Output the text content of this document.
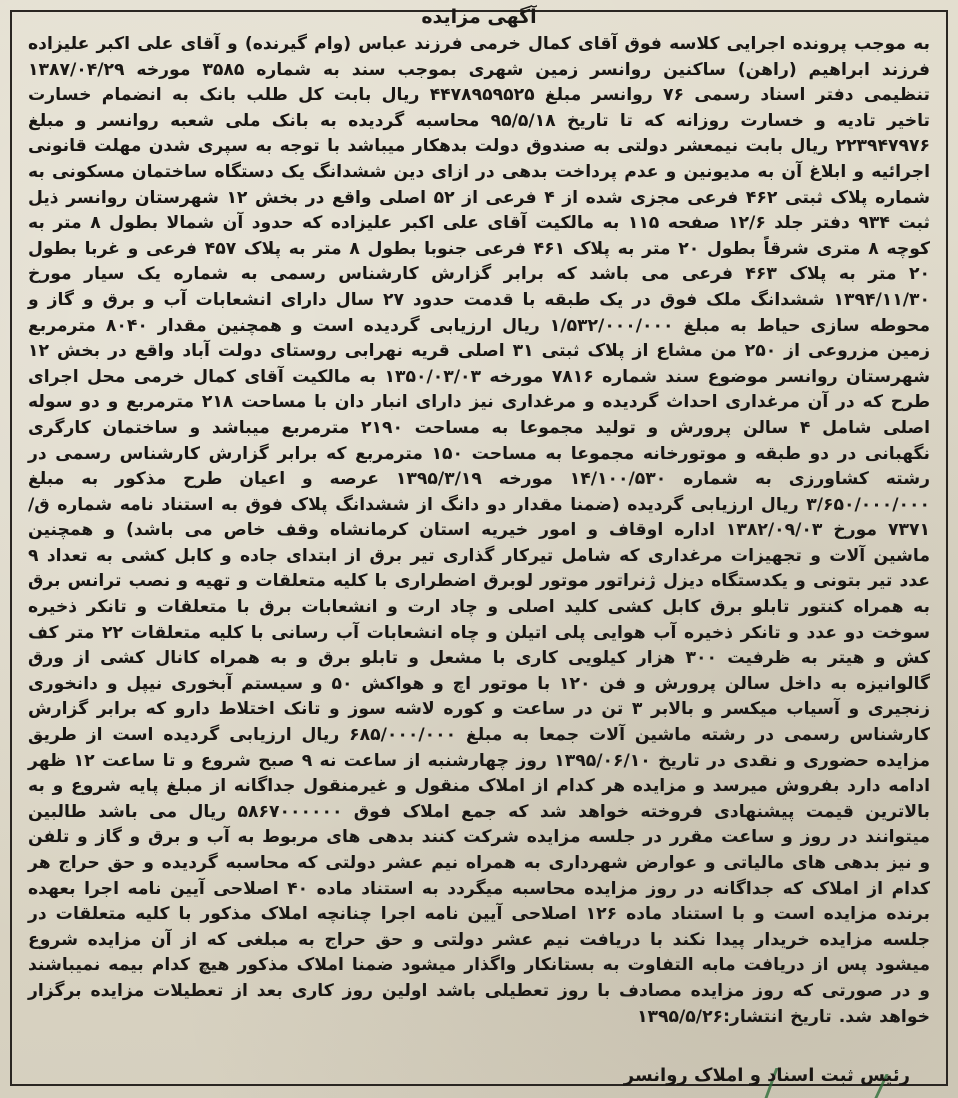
آگهی مزایده

به موجب پرونده اجرایی کلاسه فوق آقای کمال خرمی فرزند عباس (وام گیرنده) و آقای علی اکبر علیزاده فرزند ابراهیم (راهن) ساکنین روانسر زمین شهری بموجب سند به شماره ۳۵۸۵ مورخه ۱۳۸۷/۰۴/۲۹ تنظیمی دفتر اسناد رسمی ۷۶ روانسر مبلغ ۴۴۷۸۹۵۹۵۲۵ ریال بابت کل طلب بانک به انضمام خسارت تاخیر تادیه و خسارت روزانه که تا تاریخ ۹۵/۵/۱۸ محاسبه گردیده به بانک ملی شعبه روانسر و مبلغ ۲۲۳۹۴۷۹۷۶ ریال بابت نیمعشر دولتی به صندوق دولت بدهکار میباشد با توجه به سپری شدن مهلت قانونی اجرائیه و ابلاغ آن به مدیونین و عدم پرداخت بدهی در ازای دین ششدانگ یک دستگاه ساختمان مسکونی به شماره پلاک ثبتی ۴۶۲ فرعی مجزی شده از ۴ فرعی از ۵۲ اصلی واقع در بخش ۱۲ شهرستان روانسر ذیل ثبت ۹۳۴ دفتر جلد ۱۲/۶ صفحه ۱۱۵ به مالکیت آقای علی اکبر علیزاده که حدود آن شمالا بطول ۸ متر به کوچه ۸ متری شرقاً بطول ۲۰ متر به پلاک ۴۶۱ فرعی جنوبا بطول ۸ متر به پلاک ۴۵۷ فرعی و غربا بطول ۲۰ متر به پلاک ۴۶۳ فرعی می باشد که برابر گزارش کارشناس رسمی به شماره یک سیار مورخ ۱۳۹۴/۱۱/۳۰ ششدانگ ملک فوق در یک طبقه با قدمت حدود ۲۷ سال دارای انشعابات آب و برق و گاز و محوطه سازی حیاط به مبلغ ۱/۵۳۲/۰۰۰/۰۰۰ ریال ارزیابی گردیده است و همچنین مقدار ۸۰۴۰ مترمربع زمین مزروعی از ۲۵۰ من مشاع از پلاک ثبتی ۳۱ اصلی قریه نهرابی روستای دولت آباد واقع در بخش ۱۲ شهرستان روانسر موضوع سند شماره ۷۸۱۶ مورخه ۱۳۵۰/۰۳/۰۳ به مالکیت آقای کمال خرمی محل اجرای طرح که در آن مرغداری احداث گردیده و مرغداری نیز دارای انبار دان با مساحت ۲۱۸ مترمربع و دو سوله اصلی شامل ۴ سالن پرورش و تولید مجموعا به مساحت ۲۱۹۰ مترمربع میباشد و ساختمان کارگری نگهبانی در دو طبقه و موتورخانه مجموعا به مساحت ۱۵۰ مترمربع که برابر گزارش کارشناس رسمی در رشته کشاورزی به شماره ۱۴/۱۰۰/۵۳۰ مورخه ۱۳۹۵/۳/۱۹ عرصه و اعیان طرح مذکور به مبلغ ۳/۶۵۰/۰۰۰/۰۰۰ ریال ارزیابی گردیده (ضمنا مقدار دو دانگ از ششدانگ پلاک فوق به استناد نامه شماره ق/۷۳۷۱ مورخ ۱۳۸۲/۰۹/۰۳ اداره اوقاف و امور خیریه استان کرمانشاه وقف خاص می باشد) و همچنین ماشین آلات و تجهیزات مرغداری که شامل تیرکار گذاری تیر برق از ابتدای جاده و کابل کشی به تعداد ۹ عدد تیر بتونی و یکدستگاه دیزل ژنراتور موتور لوبرق اضطراری با کلیه متعلقات و تهیه و نصب ترانس برق به همراه کنتور تابلو برق کابل کشی کلید اصلی و چاد ارت و انشعابات برق با متعلقات و تانکر ذخیره سوخت دو عدد و تانکر ذخیره آب هوایی پلی اتیلن و چاه انشعابات آب رسانی با کلیه متعلقات ۲۲ متر کف کش و هیتر به ظرفیت ۳۰۰ هزار کیلویی کاری با مشعل و تابلو برق و به همراه کانال کشی از ورق گالوانیزه به داخل سالن پرورش و فن ۱۲۰ با موتور اچ و هواکش ۵۰ و سیستم آبخوری نیپل و دانخوری زنجیری و آسیاب میکسر و بالابر ۳ تن در ساعت و کوره لاشه سوز و تانک اختلاط دارو که برابر گزارش کارشناس رسمی در رشته ماشین آلات جمعا به مبلغ ۶۸۵/۰۰۰/۰۰۰ ریال ارزیابی گردیده است از طریق مزایده حضوری و نقدی در تاریخ ۱۳۹۵/۰۶/۱۰ روز چهارشنبه از ساعت نه ۹ صبح شروع و تا ساعت ۱۲ ظهر ادامه دارد بفروش میرسد و مزایده هر کدام از املاک منقول و غیرمنقول جداگانه از مبلغ پایه شروع و به بالاترین قیمت پیشنهادی فروخته خواهد شد که جمع املاک فوق ۵۸۶۷۰۰۰۰۰۰ ریال می باشد طالبین میتوانند در روز و ساعت مقرر در جلسه مزایده شرکت کنند بدهی های مربوط به آب و برق و گاز و تلفن و نیز بدهی های مالیاتی و عوارض شهرداری به همراه نیم عشر دولتی که محاسبه گردیده و حق حراج هر کدام از املاک که جداگانه در روز مزایده محاسبه میگردد به استناد ماده ۴۰ اصلاحی آیین نامه اجرا بعهده برنده مزایده است و با استناد ماده ۱۲۶ اصلاحی آیین نامه اجرا چنانچه املاک مذکور با کلیه متعلقات در جلسه مزایده خریدار پیدا نکند با دریافت نیم عشر دولتی و حق حراج به مبلغی که از آن مزایده شروع میشود پس از دریافت مابه التفاوت به بستانکار واگذار میشود ضمنا املاک مذکور هیچ کدام بیمه نمیباشند و در صورتی که روز مزایده مصادف با روز تعطیلی باشد اولین روز کاری بعد از تعطیلات مزایده برگزار خواهد شد. تاریخ انتشار:۱۳۹۵/۵/۲۶

رئیس ثبت اسناد و املاک روانسر
